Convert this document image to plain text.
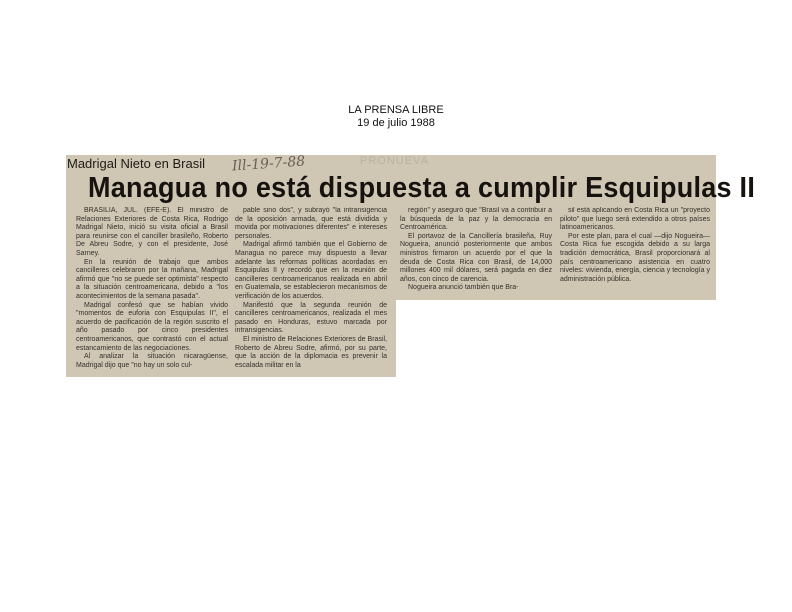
LA PRENSA LIBRE
19 de julio 1988
Madrigal Nieto en Brasil Ill-19-7-88	PRONUEVA
Managua no está dispuesta a cumplir Esquipulas II

BRASILIA, JUL. (EFE-E). El ministro de Relaciones Exteriores de Costa Rica, Rodrigo Madrigal Nieto, inició su visita oficial a Brasil para reunirse con el canciller brasileño, Roberto De Abreu Sodre, y con el presidente, José Sarney.

En la reunión de trabajo que ambos cancilleres celebraron por la mañana, Madrigal afirmó que "no se puede ser optimista" respecto a la situación centroamericana, debido a "los acontecimientos de la semana pasada".

Madrigal confesó que se habían vivido "momentos de euforia con Esquipulas II", el acuerdo de pacificación de la región suscrito el año pasado por cinco presidentes centroamericanos, que contrastó con el actual estancamiento de las negociaciones.

Al analizar la situación nicaragüense, Madrigal dijo que "no hay un solo cul-

pable sino dos", y subrayó "la intransigencia de la oposición armada, que está dividida y movida por motivaciones diferentes" e intereses personales.

Madrigal afirmó también que el Gobierno de Managua no parece muy dispuesto a llevar adelante las reformas políticas acordadas en Esquipulas II y recordó que en la reunión de cancilleres centroamericanos realizada en abril en Guatemala, se establecieron mecanismos de verificación de los acuerdos.

Manifestó que la segunda reunión de cancilleres centroamericanos, realizada el mes pasado en Honduras, estuvo marcada por intransigencias.

El ministro de Relaciones Exteriores de Brasil, Roberto de Abreu Sodre, afirmó, por su parte, que la acción de la diplomacia es prevenir la escalada militar en la

región" y aseguró que "Brasil va a contribuir a la búsqueda de la paz y la democracia en Centroamérica.

El portavoz de la Cancillería brasileña, Ruy Nogueira, anunció posteriormente que ambos ministros firmaron un acuerdo por el que la deuda de Costa Rica con Brasil, de 14,000 millones 400 mil dólares, será pagada en diez años, con cinco de carencia.

Nogueira anunció también que Bra-

sil está aplicando en Costa Rica un "proyecto piloto" que luego será extendido a otros países latinoamericanos.

Por este plan, para el cual —dijo Nogueira— Costa Rica fue escogida debido a su larga tradición democrática, Brasil proporcionará al país centroamericano asistencia en cuatro niveles: vivienda, energía, ciencia y tecnología y administración pública.
